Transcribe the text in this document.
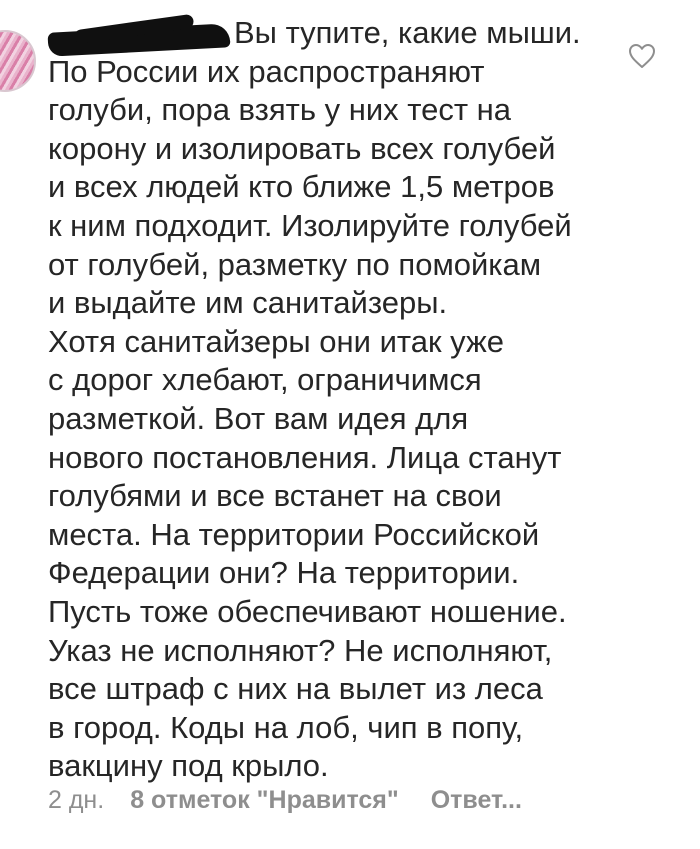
Вы тупите, какие мыши.
По России их распространяют
голуби, пора взять у них тест на
корону и изолировать всех голубей
и всех людей кто ближе 1,5 метров
к ним подходит. Изолируйте голубей
от голубей, разметку по помойкам
и выдайте им санитайзеры.
Хотя санитайзеры они итак уже
с дорог хлебают, ограничимся
разметкой. Вот вам идея для
нового постановления. Лица станут
голубями и все встанет на свои
места. На территории Российской
Федерации они? На территории.
Пусть тоже обеспечивают ношение.
Указ не исполняют? Не исполняют,
все штраф с них на вылет из леса
в город. Коды на лоб, чип в попу,
вакцину под крыло.

2 дн. 8 отметок "Нравится" Ответ...
